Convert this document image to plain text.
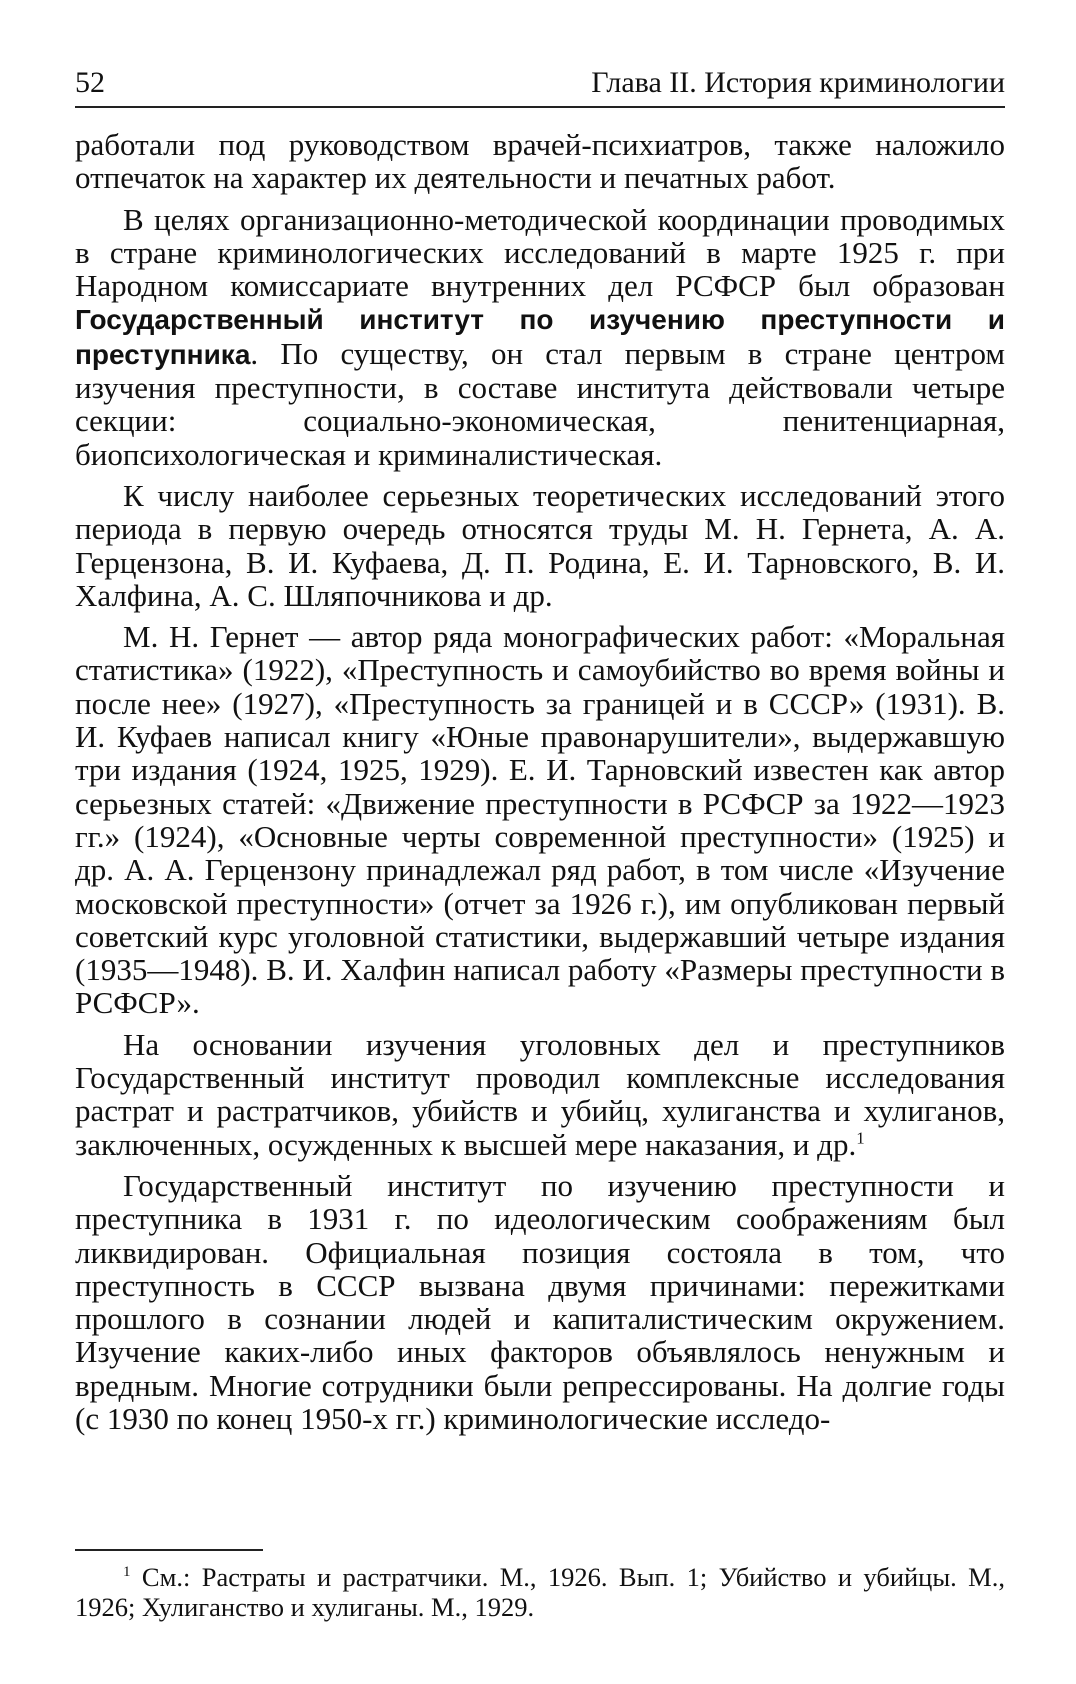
52	Глава II. История криминологии

работали под руководством врачей-психиатров, также наложило отпечаток на характер их деятельности и печатных работ.

В целях организационно-методической координации проводимых в стране криминологических исследований в марте 1925 г. при Народном комиссариате внутренних дел РСФСР был образован Государственный институт по изучению преступности и преступника. По существу, он стал первым в стране центром изучения преступности, в составе института действовали четыре секции: социально-экономическая, пенитенциарная, биопсихологическая и криминалистическая.

К числу наиболее серьезных теоретических исследований этого периода в первую очередь относятся труды М. Н. Гернета, А. А. Герцензона, В. И. Куфаева, Д. П. Родина, Е. И. Тарновского, В. И. Халфина, А. С. Шляпочникова и др.

М. Н. Гернет — автор ряда монографических работ: «Моральная статистика» (1922), «Преступность и самоубийство во время войны и после нее» (1927), «Преступность за границей и в СССР» (1931). В. И. Куфаев написал книгу «Юные правонарушители», выдержавшую три издания (1924, 1925, 1929). Е. И. Тарновский известен как автор серьезных статей: «Движение преступности в РСФСР за 1922—1923 гг.» (1924), «Основные черты современной преступности» (1925) и др. А. А. Герцензону принадлежал ряд работ, в том числе «Изучение московской преступности» (отчет за 1926 г.), им опубликован первый советский курс уголовной статистики, выдержавший четыре издания (1935—1948). В. И. Халфин написал работу «Размеры преступности в РСФСР».

На основании изучения уголовных дел и преступников Государственный институт проводил комплексные исследования растрат и растратчиков, убийств и убийц, хулиганства и хулиганов, заключенных, осужденных к высшей мере наказания, и др.$^1$

Государственный институт по изучению преступности и преступника в 1931 г. по идеологическим соображениям был ликвидирован. Официальная позиция состояла в том, что преступность в СССР вызвана двумя причинами: пережитками прошлого в сознании людей и капиталистическим окружением. Изучение каких-либо иных факторов объявлялось ненужным и вредным. Многие сотрудники были репрессированы. На долгие годы (с 1930 по конец 1950-х гг.) криминологические исследо-

$^1$ См.: Растраты и растратчики. М., 1926. Вып. 1; Убийство и убийцы. М., 1926; Хулиганство и хулиганы. М., 1929.
